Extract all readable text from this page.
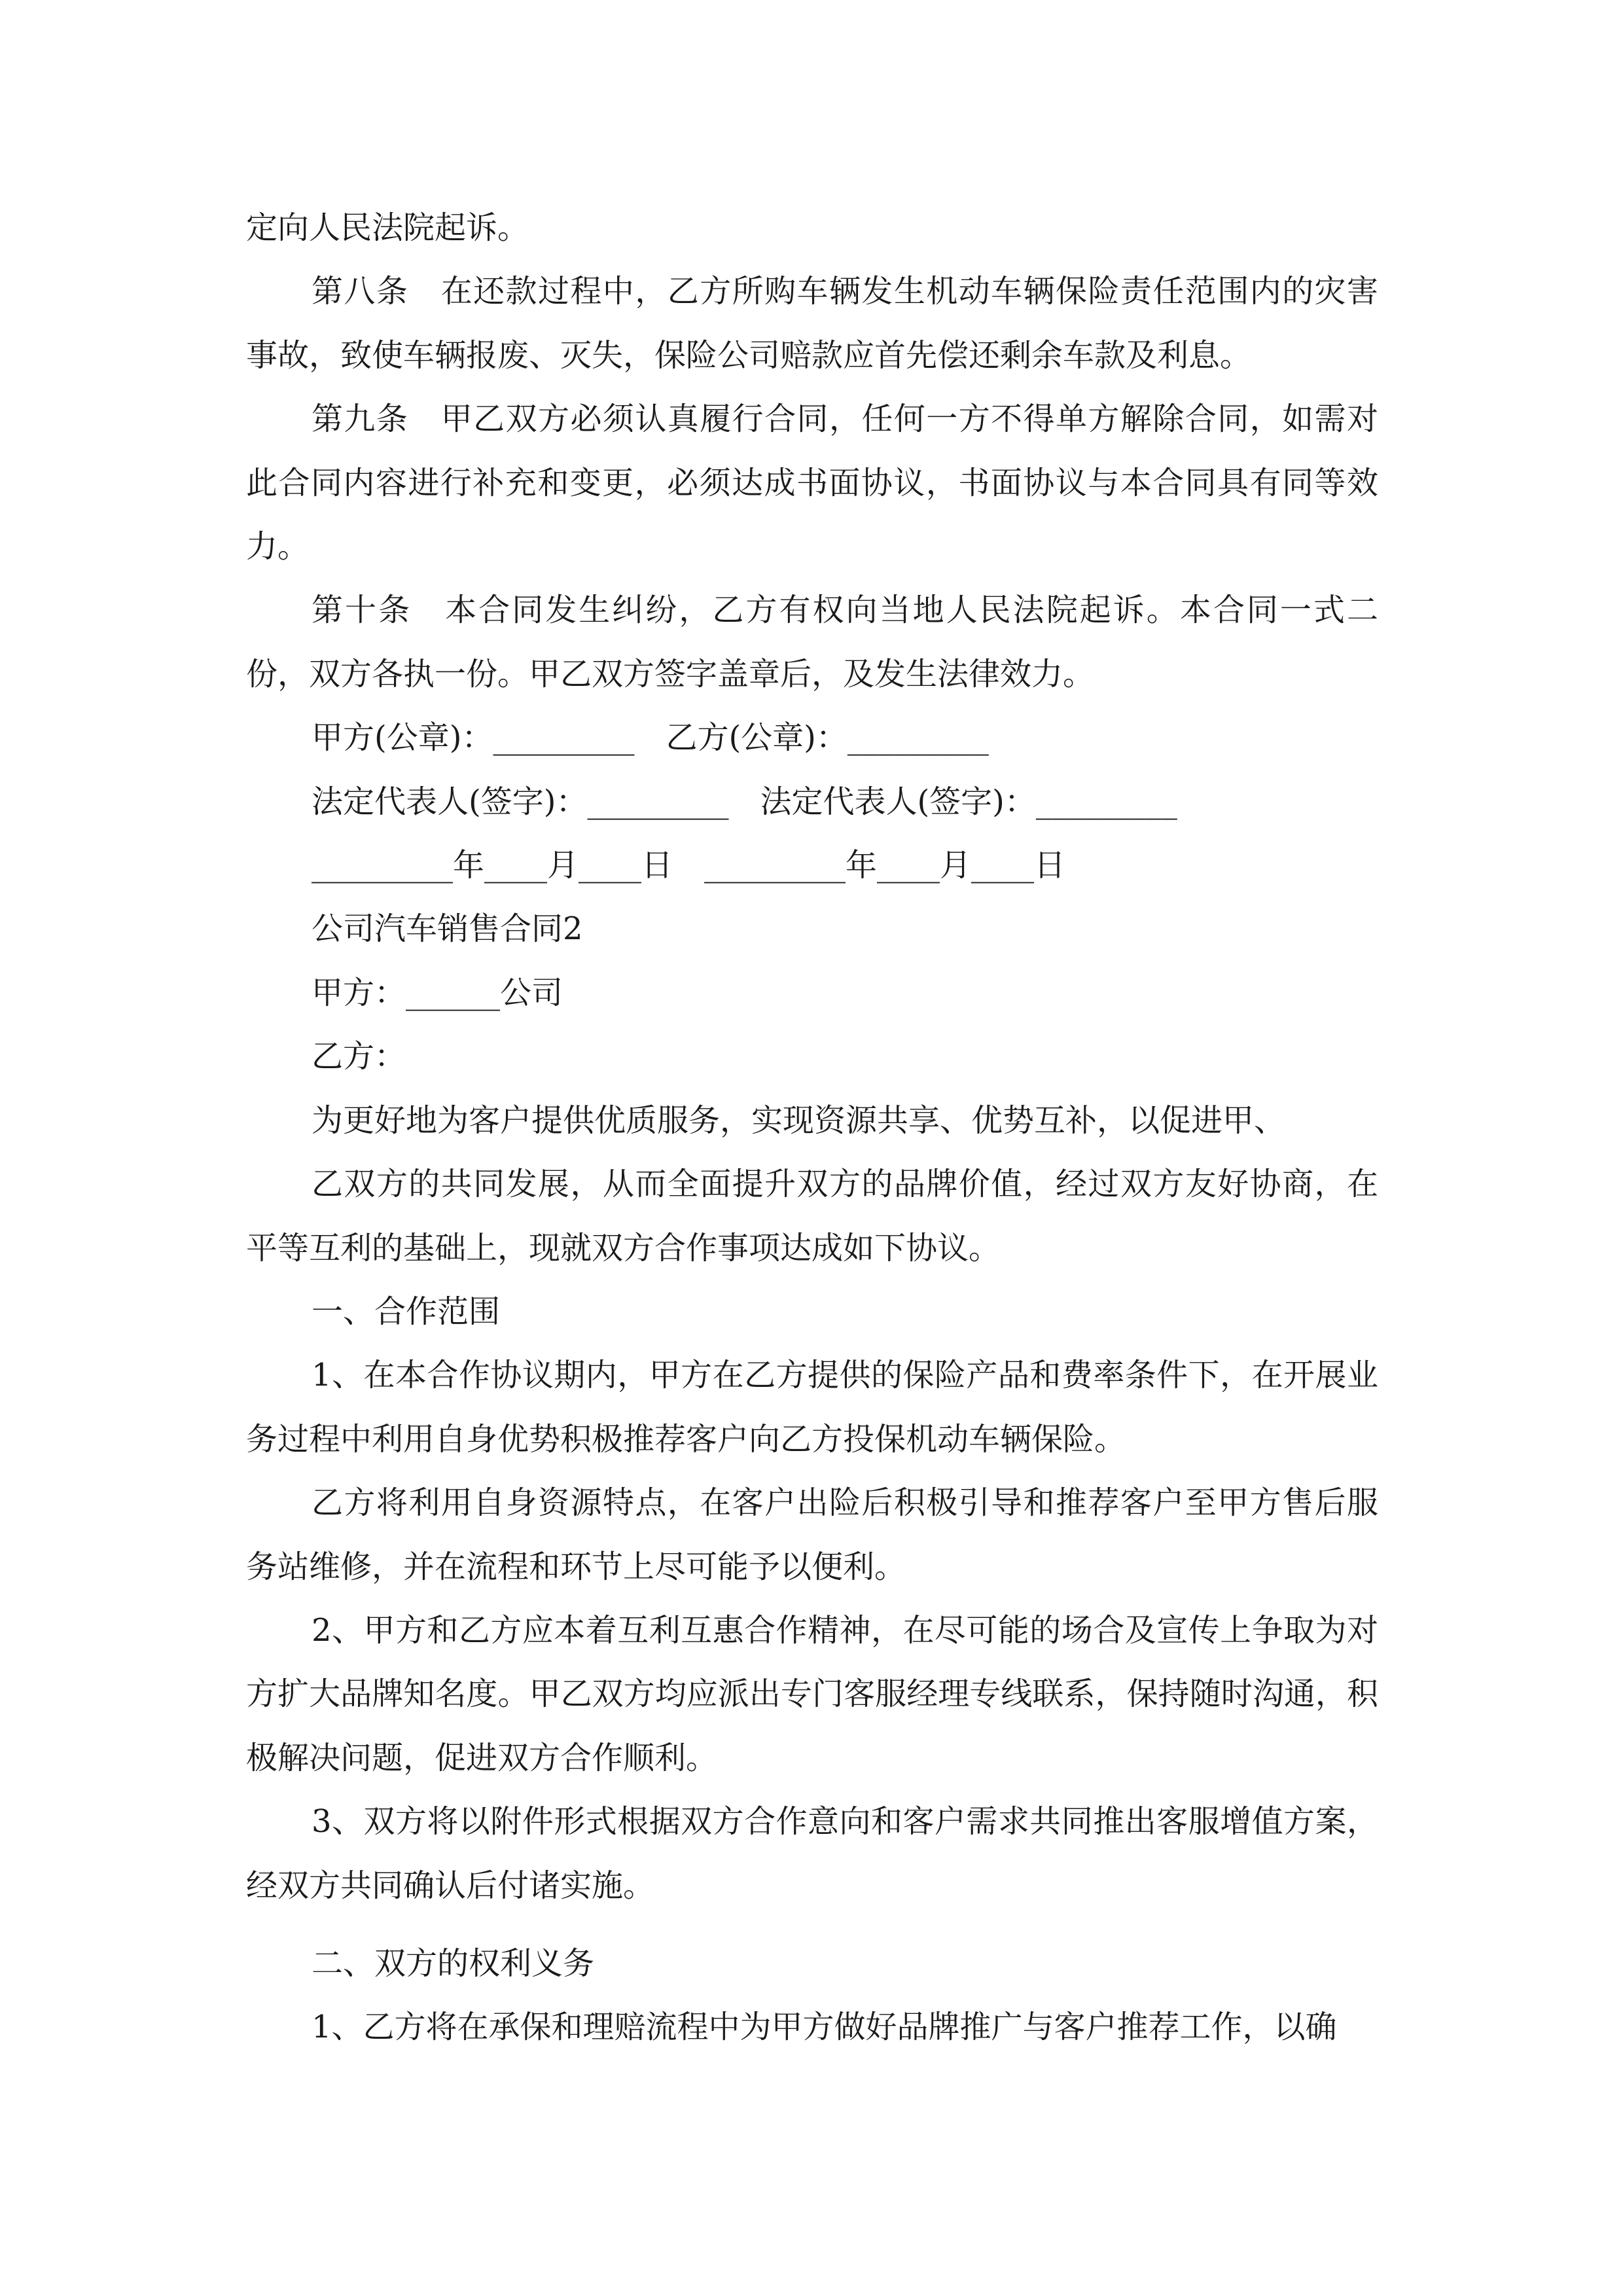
定向人民法院起诉。

第八条　在还款过程中，乙方所购车辆发生机动车辆保险责任范围内的灾害事故，致使车辆报废、灭失，保险公司赔款应首先偿还剩余车款及利息。

第九条　甲乙双方必须认真履行合同，任何一方不得单方解除合同，如需对此合同内容进行补充和变更，必须达成书面协议，书面协议与本合同具有同等效力。

第十条　本合同发生纠纷，乙方有权向当地人民法院起诉。本合同一式二份，双方各执一份。甲乙双方签字盖章后，及发生法律效力。

甲方(公章)：_________　乙方(公章)：_________

法定代表人(签字)：_________　法定代表人(签字)：_________

_________年____月____日　_________年____月____日

公司汽车销售合同2

甲方：______公司

乙方：

为更好地为客户提供优质服务，实现资源共享、优势互补，以促进甲、

乙双方的共同发展，从而全面提升双方的品牌价值，经过双方友好协商，在平等互利的基础上，现就双方合作事项达成如下协议。

一、合作范围

1、在本合作协议期内，甲方在乙方提供的保险产品和费率条件下，在开展业务过程中利用自身优势积极推荐客户向乙方投保机动车辆保险。

乙方将利用自身资源特点，在客户出险后积极引导和推荐客户至甲方售后服务站维修，并在流程和环节上尽可能予以便利。

2、甲方和乙方应本着互利互惠合作精神，在尽可能的场合及宣传上争取为对方扩大品牌知名度。甲乙双方均应派出专门客服经理专线联系，保持随时沟通，积极解决问题，促进双方合作顺利。

3、双方将以附件形式根据双方合作意向和客户需求共同推出客服增值方案，经双方共同确认后付诸实施。

二、双方的权利义务

1、乙方将在承保和理赔流程中为甲方做好品牌推广与客户推荐工作，以确
